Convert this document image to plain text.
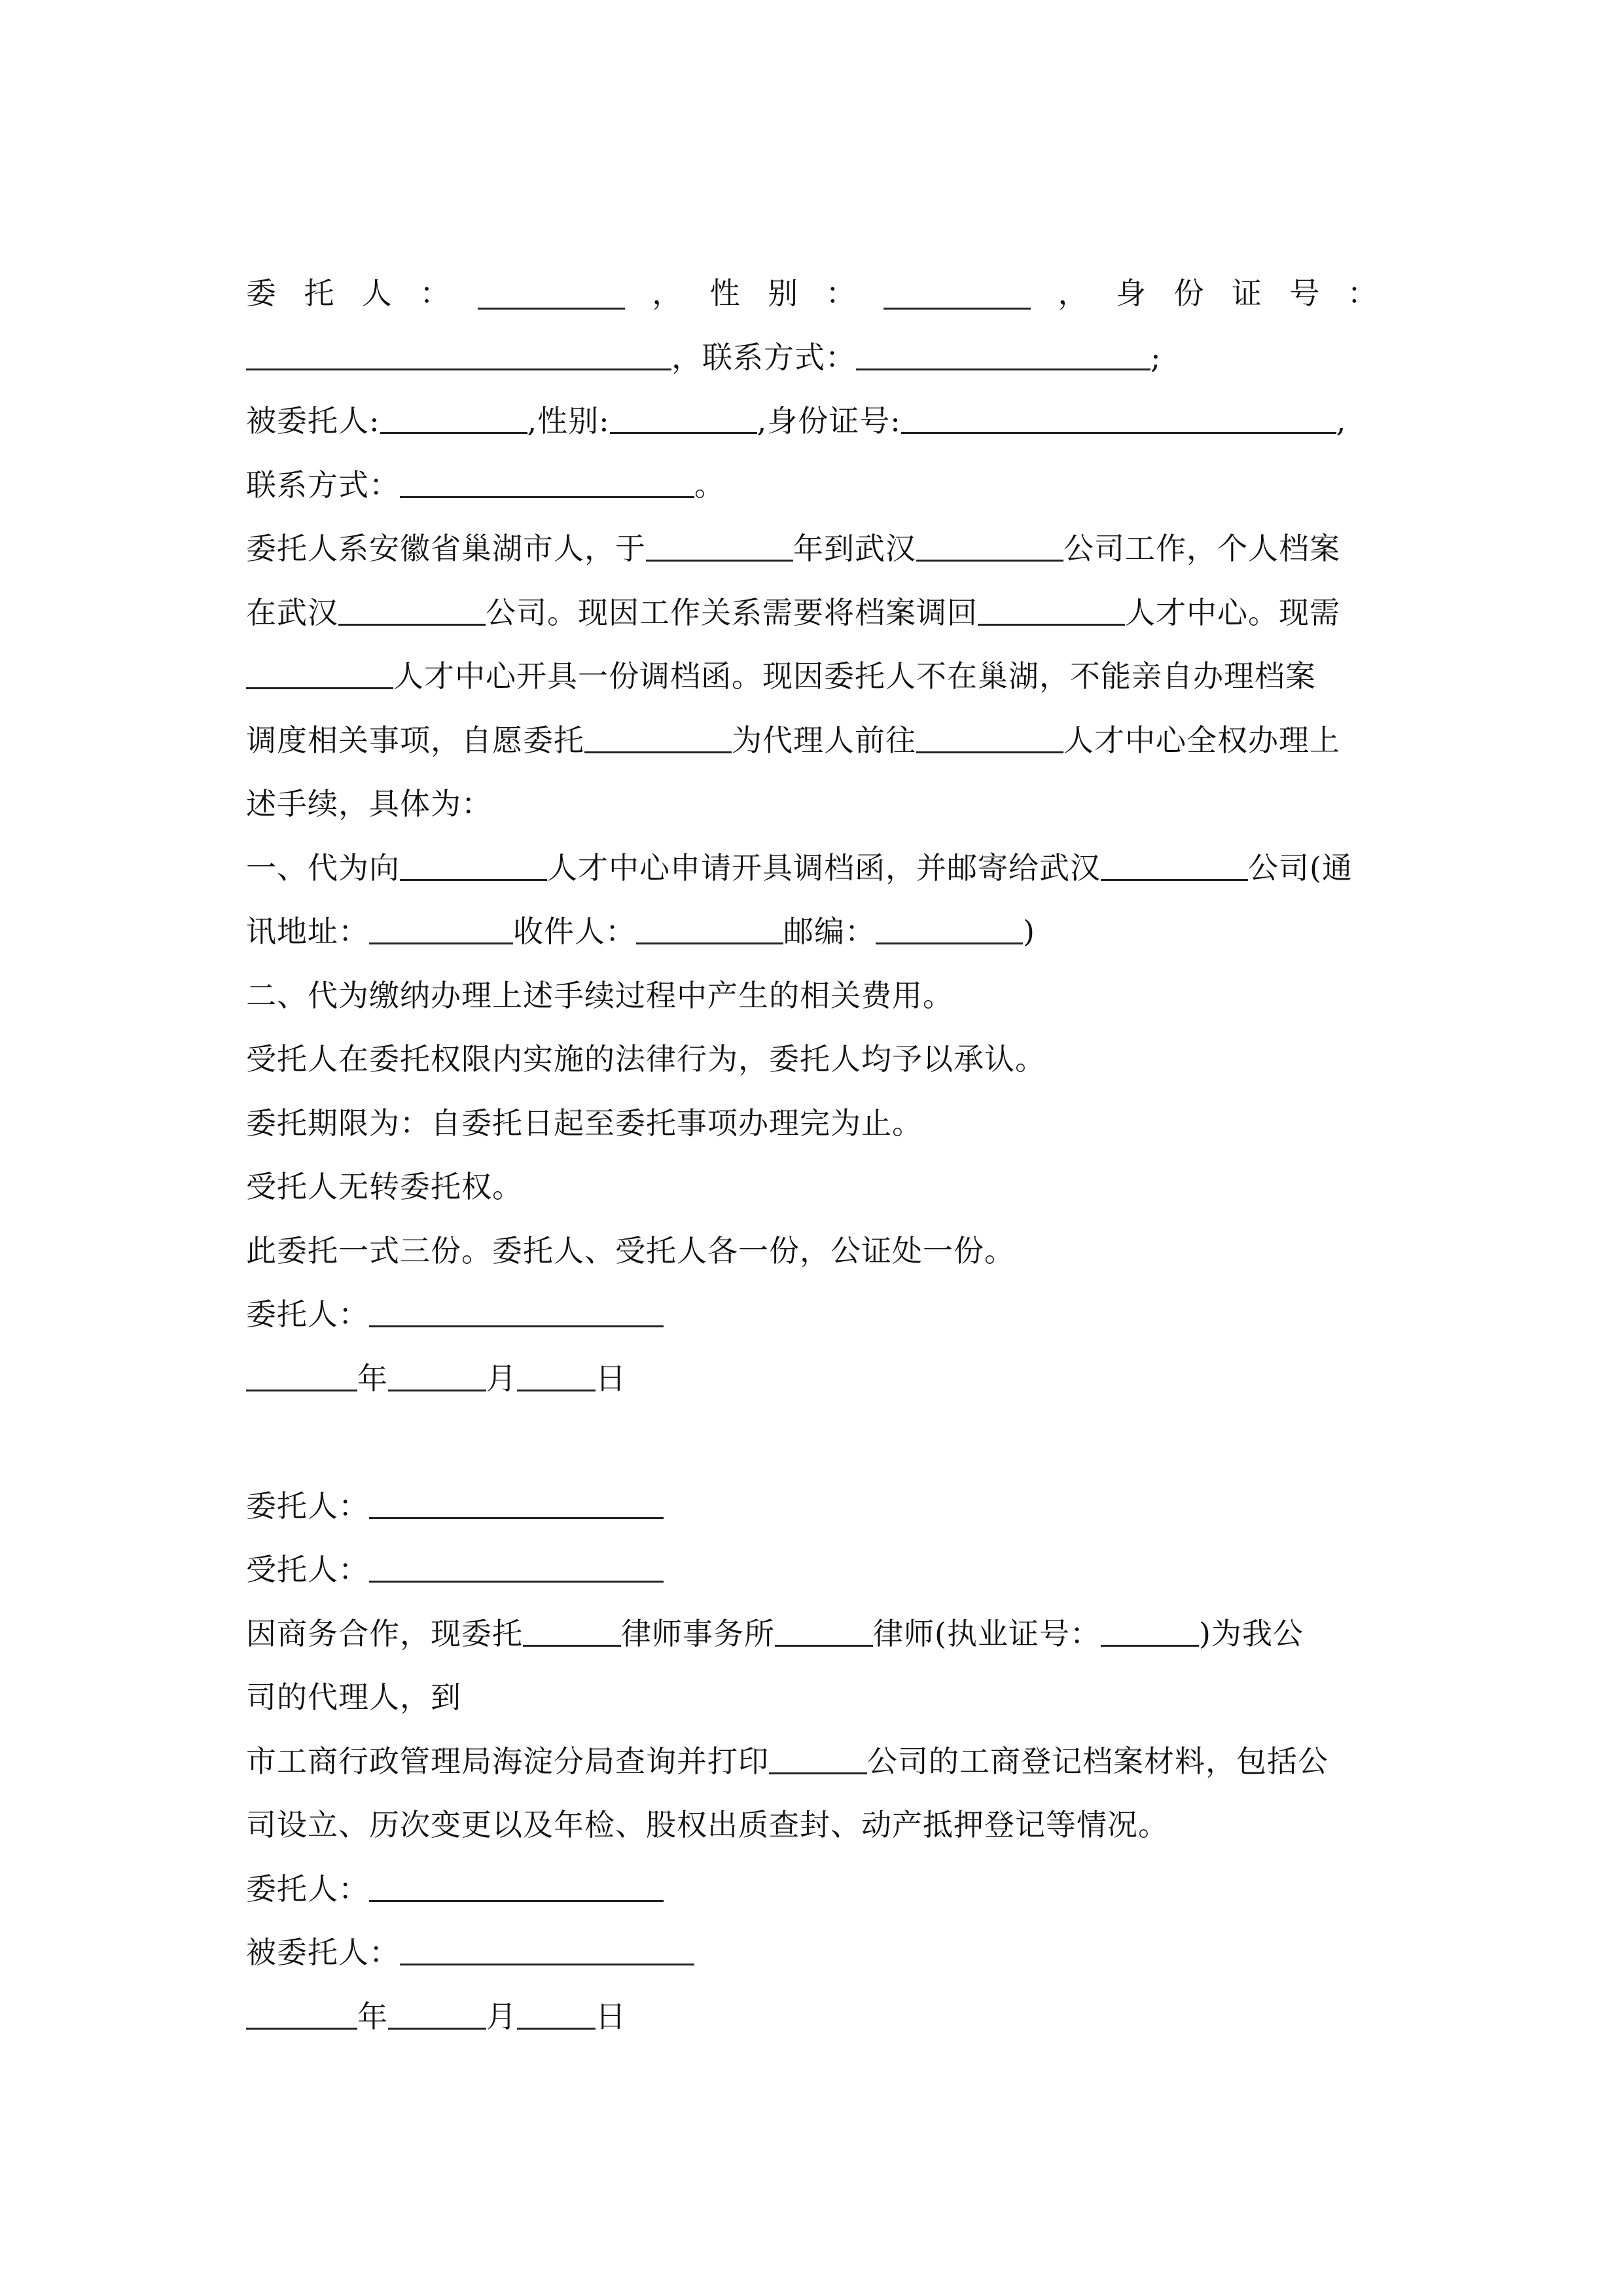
委 托 人 ：	， 性 别 ：	， 身 份 证 号 ：
，联系方式：	;
被委托人:	,性别:	,身份证号:	,
联系方式：	。
委托人系安徽省巢湖市人，于	年到武汉	公司工作，个人档案
在武汉	公司。现因工作关系需要将档案调回	人才中心。现需
人才中心开具一份调档函。现因委托人不在巢湖，不能亲自办理档案
调度相关事项，自愿委托	为代理人前往	人才中心全权办理上
述手续，具体为：
一、代为向	人才中心申请开具调档函，并邮寄给武汉	公司(通
讯地址：	收件人：	邮编：	)
二、代为缴纳办理上述手续过程中产生的相关费用。
受托人在委托权限内实施的法律行为，委托人均予以承认。
委托期限为：自委托日起至委托事项办理完为止。
受托人无转委托权。
此委托一式三份。委托人、受托人各一份，公证处一份。
委托人：
年	月	日
委托人：
受托人：
因商务合作，现委托	律师事务所	律师(执业证号：	)为我公
司的代理人，到
市工商行政管理局海淀分局查询并打印	公司的工商登记档案材料，包括公
司设立、历次变更以及年检、股权出质查封、动产抵押登记等情况。
委托人：
被委托人：
年	月	日
